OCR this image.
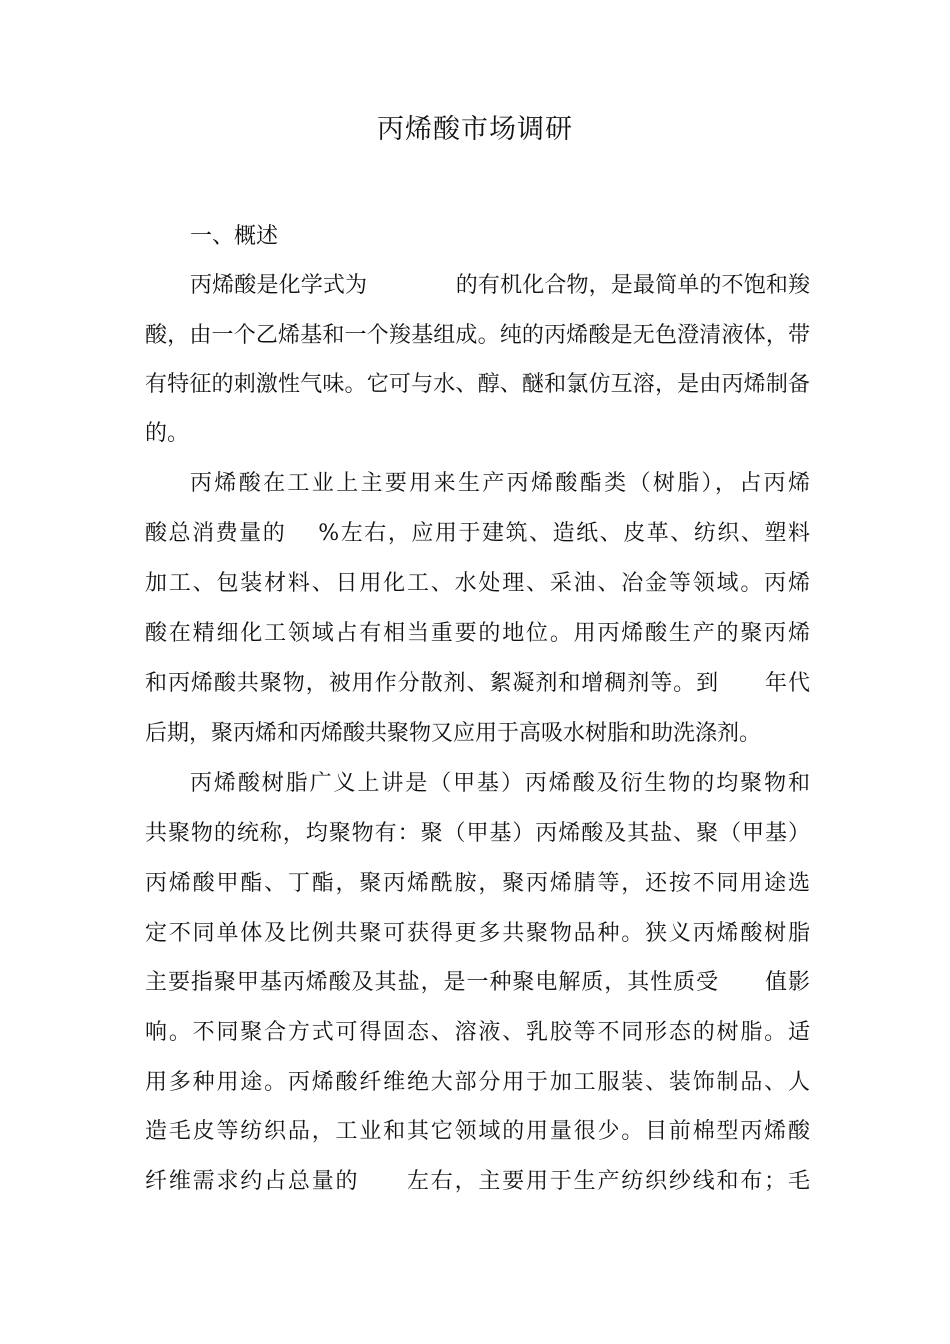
丙烯酸市场调研
一、概述
丙烯酸是化学式为　　　　的有机化合物，是最简单的不饱和羧
酸，由一个乙烯基和一个羧基组成。纯的丙烯酸是无色澄清液体，带
有特征的刺激性气味。它可与水、醇、醚和氯仿互溶，是由丙烯制备
的。
丙烯酸在工业上主要用来生产丙烯酸酯类（树脂），占丙烯
酸总消费量的　 %左右，应用于建筑、造纸、皮革、纺织、塑料
加工、包装材料、日用化工、水处理、采油、冶金等领域。丙烯
酸在精细化工领域占有相当重要的地位。用丙烯酸生产的聚丙烯
和丙烯酸共聚物，被用作分散剂、絮凝剂和增稠剂等。到　　年代
后期，聚丙烯和丙烯酸共聚物又应用于高吸水树脂和助洗涤剂。
丙烯酸树脂广义上讲是（甲基）丙烯酸及衍生物的均聚物和
共聚物的统称，均聚物有：聚（甲基）丙烯酸及其盐、聚（甲基）
丙烯酸甲酯、丁酯，聚丙烯酰胺，聚丙烯腈等，还按不同用途选
定不同单体及比例共聚可获得更多共聚物品种。狭义丙烯酸树脂
主要指聚甲基丙烯酸及其盐，是一种聚电解质，其性质受　　值影
响。不同聚合方式可得固态、溶液、乳胶等不同形态的树脂。适
用多种用途。丙烯酸纤维绝大部分用于加工服装、装饰制品、人
造毛皮等纺织品，工业和其它领域的用量很少。目前棉型丙烯酸
纤维需求约占总量的　　左右，主要用于生产纺织纱线和布；毛
